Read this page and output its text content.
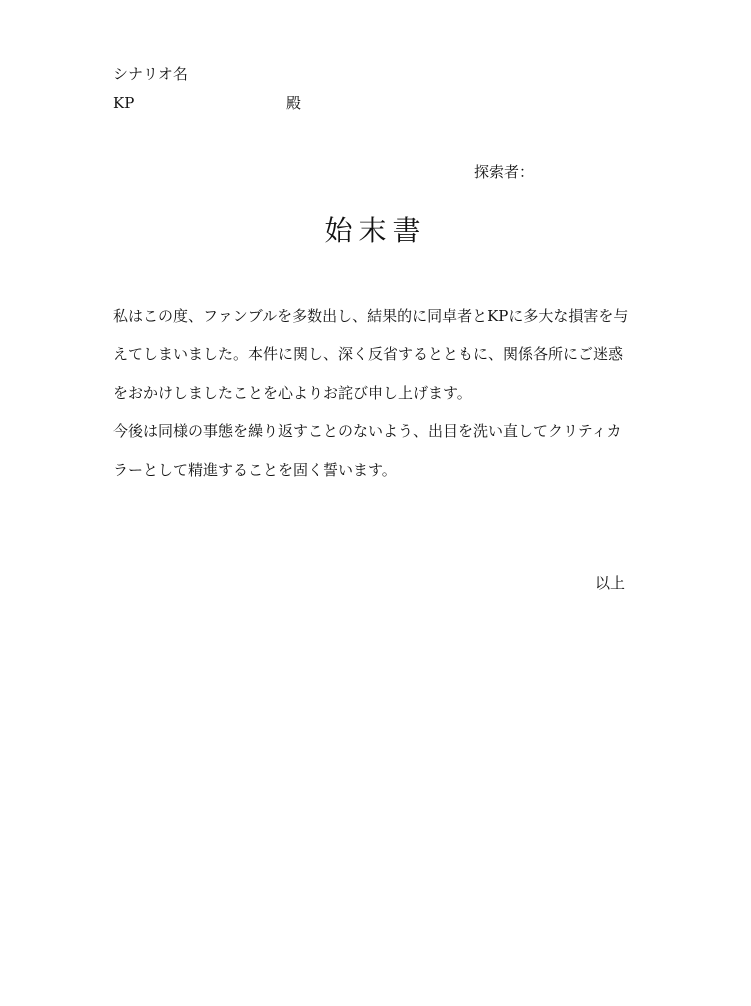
シナリオ名
KP	殿
探索者：
始末書
私はこの度、ファンブルを多数出し、結果的に同卓者とKPに多大な損害を与
えてしまいました。本件に関し、深く反省するとともに、関係各所にご迷惑
をおかけしましたことを心よりお詫び申し上げます。
今後は同様の事態を繰り返すことのないよう、出目を洗い直してクリティカ
ラーとして精進することを固く誓います。
以上
